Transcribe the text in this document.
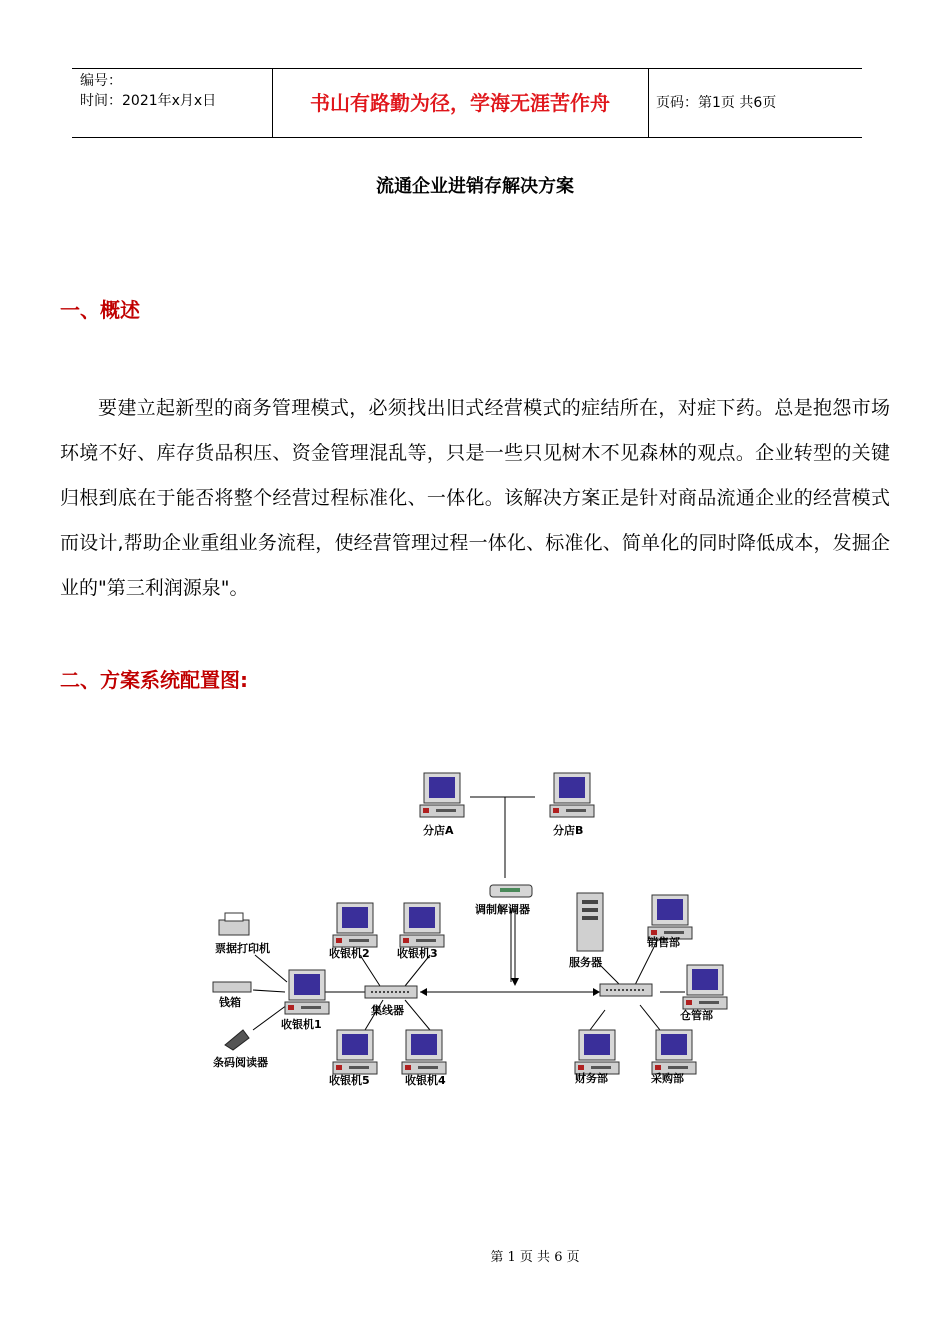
编号：
时间：2021年x月x日	书山有路勤为径，学海无涯苦作舟	页码：第1页 共6页
流通企业进销存解决方案
一、概述

要建立起新型的商务管理模式，必须找出旧式经营模式的症结所在，对症下药。总是抱怨市场环境不好、库存货品积压、资金管理混乱等，只是一些只见树木不见森林的观点。企业转型的关键归根到底在于能否将整个经营过程标准化、一体化。该解决方案正是针对商品流通企业的经营模式而设计,帮助企业重组业务流程，使经营管理过程一体化、标准化、简单化的同时降低成本，发掘企业的"第三利润源泉"。

二、方案系统配置图:
分店A	分店B
调制解调器
票据打印机
钱箱
条码阅读器
收银机1
收银机2 收银机3
集线器
收银机5	收银机4
服务器
销售部
仓管部
财务部	采购部
第 1 页 共 6 页
